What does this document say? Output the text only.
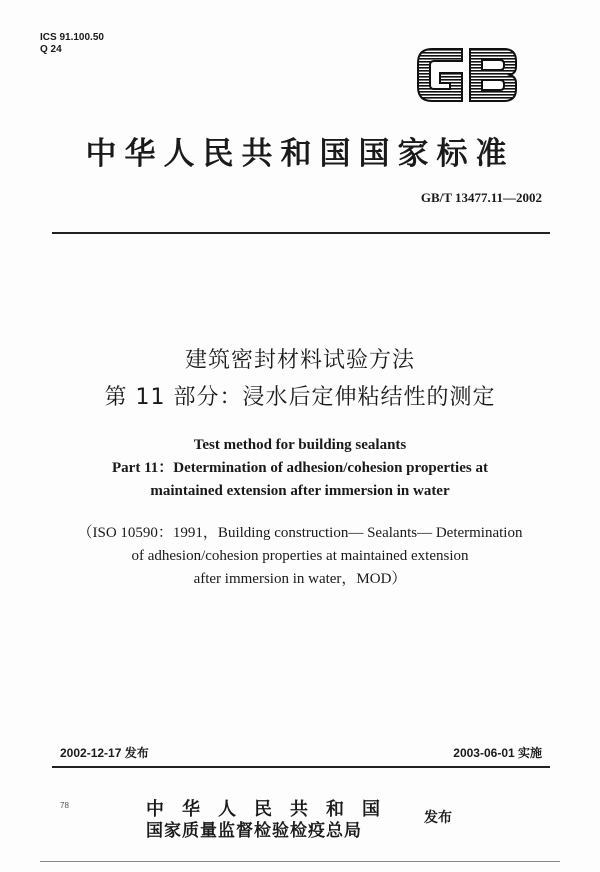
ICS 91.100.50
Q 24
中华人民共和国国家标准
GB/T 13477.11—2002
建筑密封材料试验方法
第 11 部分：浸水后定伸粘结性的测定
Test method for building sealants
Part 11：Determination of adhesion/cohesion properties at
maintained extension after immersion in water
（ISO 10590：1991，Building construction— Sealants— Determination
of adhesion/cohesion properties at maintained extension
after immersion in water，MOD）
2002-12-17 发布	2003-06-01 实施
78	中华人民共和国
国家质量监督检验检疫总局
发布
